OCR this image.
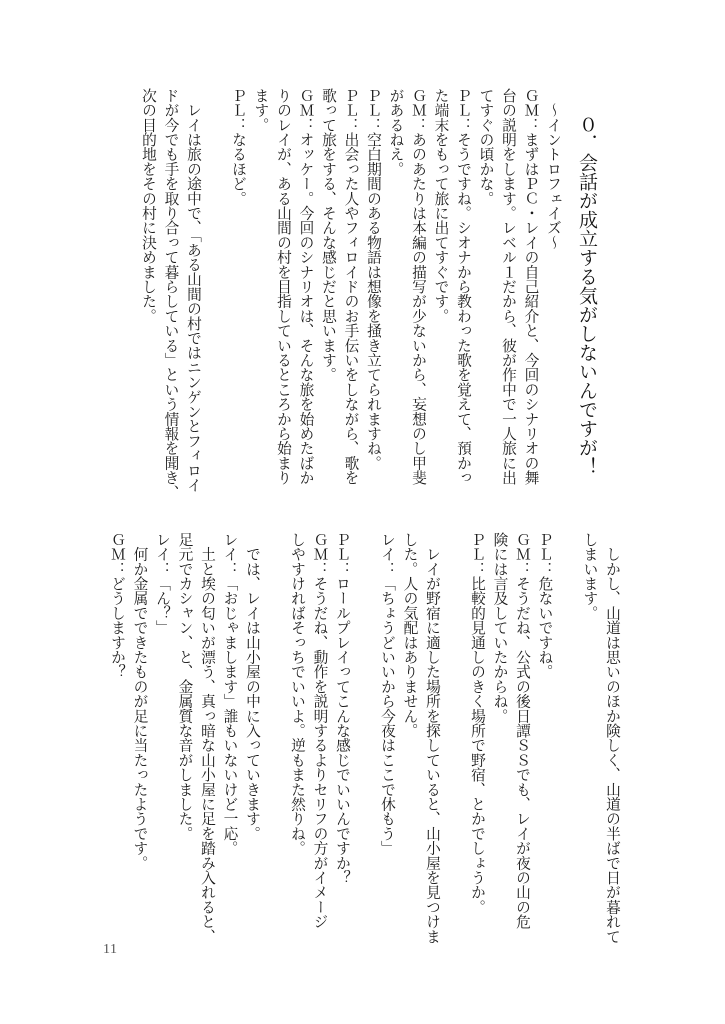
０．会話が成立する気がしないんですが！
　～イントロフェイズ～
ＧＭ：まずはＰＣ・レイの自己紹介と、今回のシナリオの舞
台の説明をします。レベル１だから、彼が作中で一人旅に出
てすぐの頃かな。
ＰＬ：そうですね。シオナから教わった歌を覚えて、預かっ
た端末をもって旅に出てすぐです。
ＧＭ：あのあたりは本編の描写が少ないから、妄想のし甲斐
があるねえ。
ＰＬ：空白期間のある物語は想像を掻き立てられますね。
ＰＬ：出会った人やフィロイドのお手伝いをしながら、歌を
歌って旅をする、そんな感じだと思います。
ＧＭ：オッケー。今回のシナリオは、そんな旅を始めたばか
りのレイが、ある山間の村を目指しているところから始まり
ます。
ＰＬ：なるほど。
　レイは旅の途中で、「ある山間の村ではニンゲンとフィロイ
ドが今でも手を取り合って暮らしている」という情報を聞き、
次の目的地をその村に決めました。
　しかし、山道は思いのほか険しく、山道の半ばで日が暮れて
しまいます。
ＰＬ：危ないですね。
ＧＭ：そうだね、公式の後日譚ＳＳでも、レイが夜の山の危
険には言及していたからね。
ＰＬ：比較的見通しのきく場所で野宿、とかでしょうか。
　レイが野宿に適した場所を探していると、山小屋を見つけま
した。人の気配はありません。
レイ：「ちょうどいいから今夜はここで休もう」
ＰＬ：ロールプレイってこんな感じでいいんですか？
ＧＭ：そうだね、動作を説明するよりセリフの方がイメージ
しやすければそっちでいいよ。逆もまた然りね。
　では、レイは山小屋の中に入っていきます。
レイ：「おじゃまします」誰もいないけど一応。
　土と埃の匂いが漂う、真っ暗な山小屋に足を踏み入れると、
足元でカシャン、と、金属質な音がしました。
レイ：「ん？」
　何か金属でできたものが足に当たったようです。
ＧＭ：どうしますか？
11
